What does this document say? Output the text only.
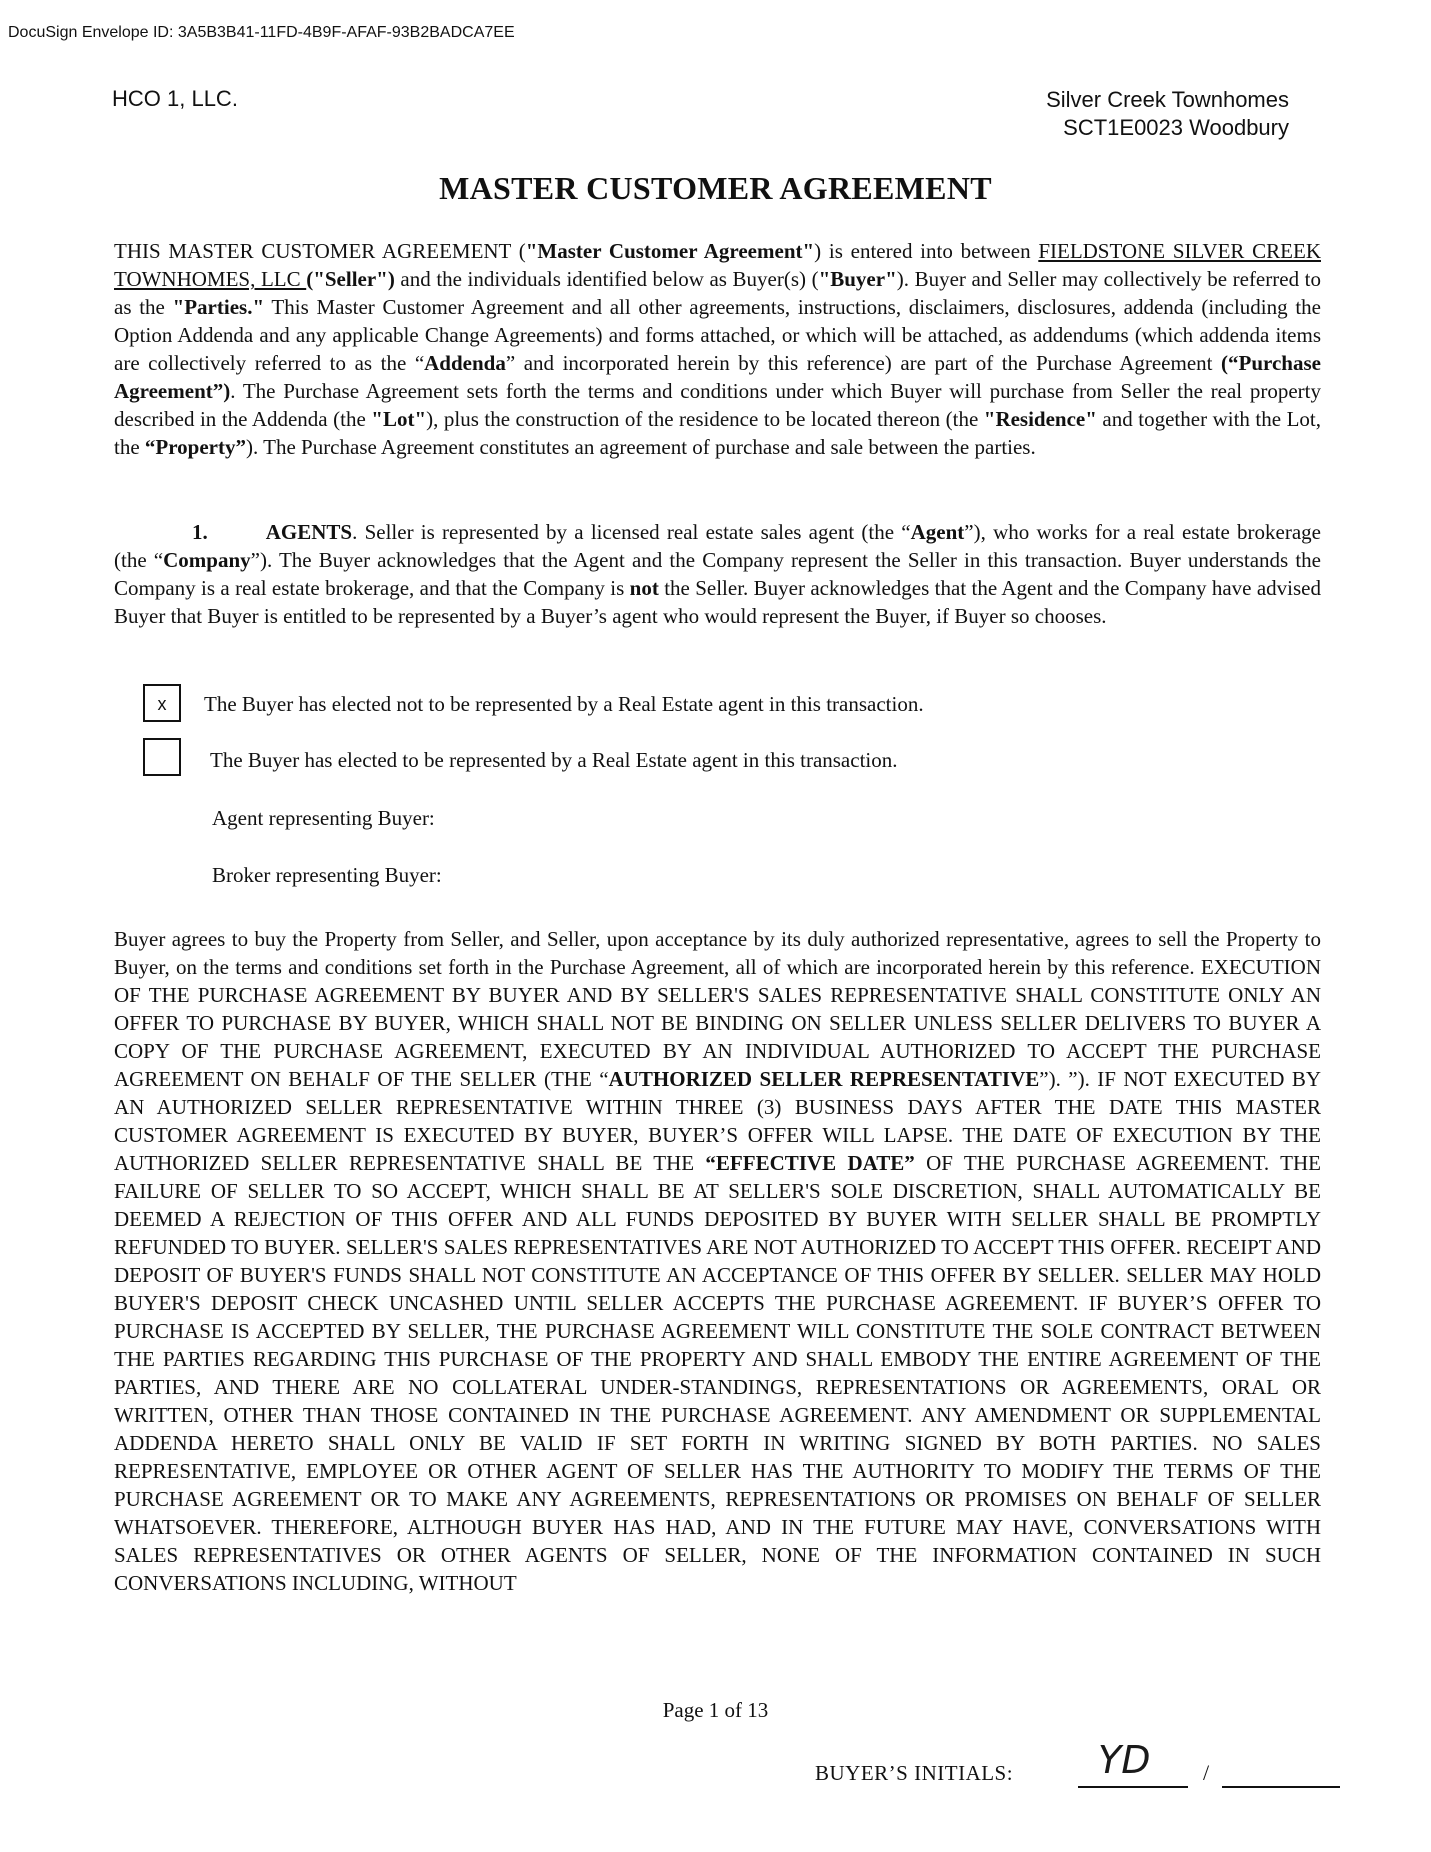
DocuSign Envelope ID: 3A5B3B41-11FD-4B9F-AFAF-93B2BADCA7EE
HCO 1, LLC.	Silver Creek Townhomes
SCT1E0023 Woodbury
MASTER CUSTOMER AGREEMENT
THIS MASTER CUSTOMER AGREEMENT ("Master Customer Agreement") is entered into between FIELDSTONE SILVER CREEK TOWNHOMES, LLC ("Seller") and the individuals identified below as Buyer(s) ("Buyer"). Buyer and Seller may collectively be referred to as the "Parties." This Master Customer Agreement and all other agreements, instructions, disclaimers, disclosures, addenda (including the Option Addenda and any applicable Change Agreements) and forms attached, or which will be attached, as addendums (which addenda items are collectively referred to as the “Addenda” and incorporated herein by this reference) are part of the Purchase Agreement (“Purchase Agreement”). The Purchase Agreement sets forth the terms and conditions under which Buyer will purchase from Seller the real property described in the Addenda (the "Lot"), plus the construction of the residence to be located thereon (the "Residence" and together with the Lot, the “Property”). The Purchase Agreement constitutes an agreement of purchase and sale between the parties.
1.	AGENTS. Seller is represented by a licensed real estate sales agent (the “Agent”), who works for a real estate brokerage (the “Company”). The Buyer acknowledges that the Agent and the Company represent the Seller in this transaction. Buyer understands the Company is a real estate brokerage, and that the Company is not the Seller. Buyer acknowledges that the Agent and the Company have advised Buyer that Buyer is entitled to be represented by a Buyer’s agent who would represent the Buyer, if Buyer so chooses.
x	The Buyer has elected not to be represented by a Real Estate agent in this transaction.
The Buyer has elected to be represented by a Real Estate agent in this transaction.
Agent representing Buyer:
Broker representing Buyer:
Buyer agrees to buy the Property from Seller, and Seller, upon acceptance by its duly authorized representative, agrees to sell the Property to Buyer, on the terms and conditions set forth in the Purchase Agreement, all of which are incorporated herein by this reference. EXECUTION OF THE PURCHASE AGREEMENT BY BUYER AND BY SELLER'S SALES REPRESENTATIVE SHALL CONSTITUTE ONLY AN OFFER TO PURCHASE BY BUYER, WHICH SHALL NOT BE BINDING ON SELLER UNLESS SELLER DELIVERS TO BUYER A COPY OF THE PURCHASE AGREEMENT, EXECUTED BY AN INDIVIDUAL AUTHORIZED TO ACCEPT THE PURCHASE AGREEMENT ON BEHALF OF THE SELLER (THE “AUTHORIZED SELLER REPRESENTATIVE”). ”). IF NOT EXECUTED BY AN AUTHORIZED SELLER REPRESENTATIVE WITHIN THREE (3) BUSINESS DAYS AFTER THE DATE THIS MASTER CUSTOMER AGREEMENT IS EXECUTED BY BUYER, BUYER’S OFFER WILL LAPSE. THE DATE OF EXECUTION BY THE AUTHORIZED SELLER REPRESENTATIVE SHALL BE THE “EFFECTIVE DATE” OF THE PURCHASE AGREEMENT. THE FAILURE OF SELLER TO SO ACCEPT, WHICH SHALL BE AT SELLER'S SOLE DISCRETION, SHALL AUTOMATICALLY BE DEEMED A REJECTION OF THIS OFFER AND ALL FUNDS DEPOSITED BY BUYER WITH SELLER SHALL BE PROMPTLY REFUNDED TO BUYER. SELLER'S SALES REPRESENTATIVES ARE NOT AUTHORIZED TO ACCEPT THIS OFFER. RECEIPT AND DEPOSIT OF BUYER'S FUNDS SHALL NOT CONSTITUTE AN ACCEPTANCE OF THIS OFFER BY SELLER. SELLER MAY HOLD BUYER'S DEPOSIT CHECK UNCASHED UNTIL SELLER ACCEPTS THE PURCHASE AGREEMENT. IF BUYER’S OFFER TO PURCHASE IS ACCEPTED BY SELLER, THE PURCHASE AGREEMENT WILL CONSTITUTE THE SOLE CONTRACT BETWEEN THE PARTIES REGARDING THIS PURCHASE OF THE PROPERTY AND SHALL EMBODY THE ENTIRE AGREEMENT OF THE PARTIES, AND THERE ARE NO COLLATERAL UNDER-STANDINGS, REPRESENTATIONS OR AGREEMENTS, ORAL OR WRITTEN, OTHER THAN THOSE CONTAINED IN THE PURCHASE AGREEMENT. ANY AMENDMENT OR SUPPLEMENTAL ADDENDA HERETO SHALL ONLY BE VALID IF SET FORTH IN WRITING SIGNED BY BOTH PARTIES. NO SALES REPRESENTATIVE, EMPLOYEE OR OTHER AGENT OF SELLER HAS THE AUTHORITY TO MODIFY THE TERMS OF THE PURCHASE AGREEMENT OR TO MAKE ANY AGREEMENTS, REPRESENTATIONS OR PROMISES ON BEHALF OF SELLER WHATSOEVER. THEREFORE, ALTHOUGH BUYER HAS HAD, AND IN THE FUTURE MAY HAVE, CONVERSATIONS WITH SALES REPRESENTATIVES OR OTHER AGENTS OF SELLER, NONE OF THE INFORMATION CONTAINED IN SUCH CONVERSATIONS INCLUDING, WITHOUT
Page 1 of 13
BUYER’S INITIALS: YD /
